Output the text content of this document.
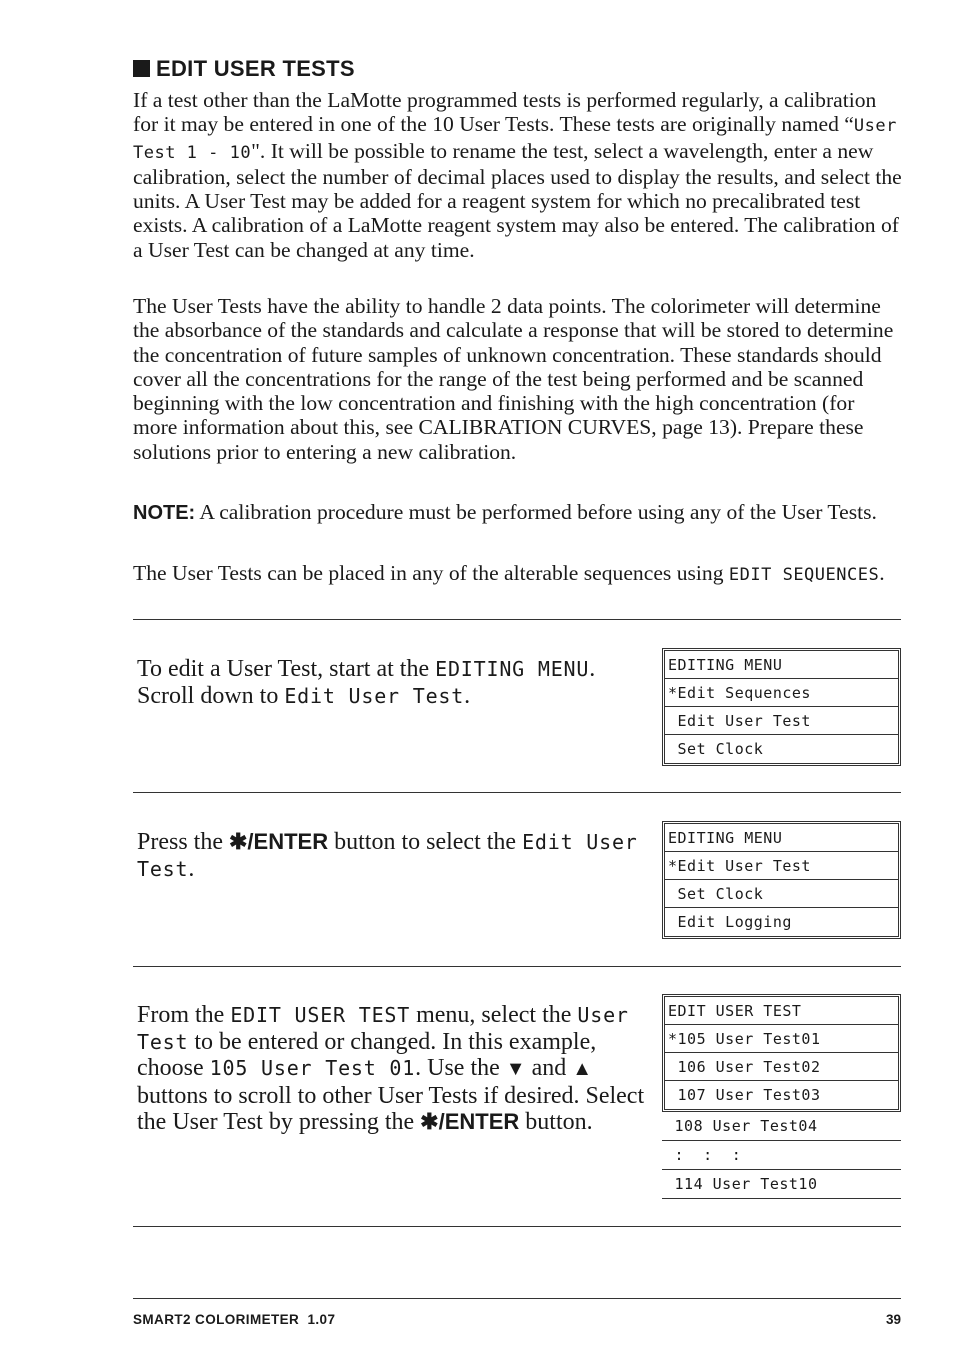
EDIT USER TESTS

If a test other than the LaMotte programmed tests is performed regularly, a calibration for it may be entered in one of the 10 User Tests. These tests are originally named “User Test 1 - 10". It will be possible to rename the test, select a wavelength, enter a new calibration, select the number of decimal places used to display the results, and select the units. A User Test may be added for a reagent system for which no precalibrated test exists. A calibration of a LaMotte reagent system may also be entered. The calibration of a User Test can be changed at any time.

The User Tests have the ability to handle 2 data points. The colorimeter will determine the absorbance of the standards and calculate a response that will be stored to determine the concentration of future samples of unknown concentration. These standards should cover all the concentrations for the range of the test being performed and be scanned beginning with the low concentration and finishing with the high concentration (for more information about this, see CALIBRATION CURVES, page 13). Prepare these solutions prior to entering a new calibration.

NOTE: A calibration procedure must be performed before using any of the User Tests.

The User Tests can be placed in any of the alterable sequences using EDIT SEQUENCES.

To edit a User Test, start at the EDITING MENU. Scroll down to Edit User Test.

EDITING MENU
*Edit Sequences
Edit User Test
Set Clock

Press the ✱/ENTER button to select the Edit User Test.

EDITING MENU
*Edit User Test
Set Clock
Edit Logging

From the EDIT USER TEST menu, select the User Test to be entered or changed. In this example, choose 105 User Test 01. Use the ▼ and ▲ buttons to scroll to other User Tests if desired. Select the User Test by pressing the ✱/ENTER button.

EDIT USER TEST
*105 User Test01
106 User Test02
107 User Test03
108 User Test04
:  :  :
114 User Test10
SMART2 COLORIMETER  1.07	39
